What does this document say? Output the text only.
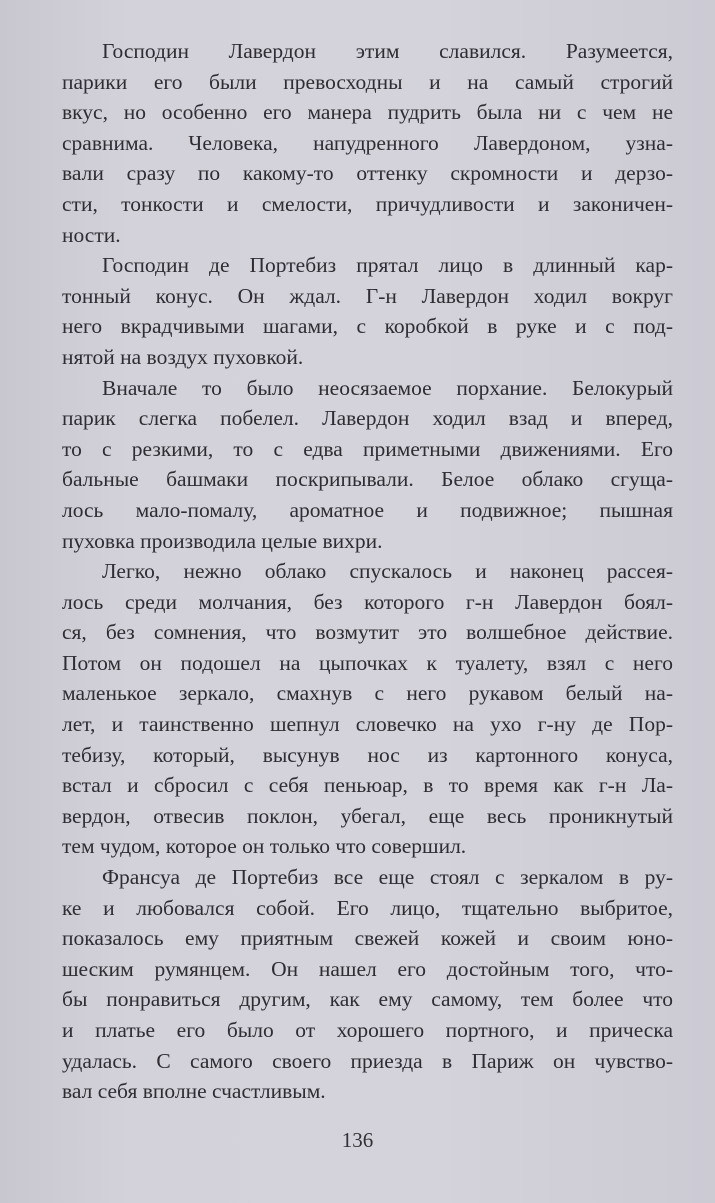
Господин Лавердон этим славился. Разумеется,
парики его были превосходны и на самый строгий
вкус, но особенно его манера пудрить была ни с чем не
сравнима. Человека, напудренного Лавердоном, узна-
вали сразу по какому-то оттенку скромности и дерзо-
сти, тонкости и смелости, причудливости и законичен-
ности.

Господин де Портебиз прятал лицо в длинный кар-
тонный конус. Он ждал. Г-н Лавердон ходил вокруг
него вкрадчивыми шагами, с коробкой в руке и с под-
нятой на воздух пуховкой.

Вначале то было неосязаемое порхание. Белокурый
парик слегка побелел. Лавердон ходил взад и вперед,
то с резкими, то с едва приметными движениями. Его
бальные башмаки поскрипывали. Белое облако сгуща-
лось мало-помалу, ароматное и подвижное; пышная
пуховка производила целые вихри.

Легко, нежно облако спускалось и наконец рассея-
лось среди молчания, без которого г-н Лавердон боял-
ся, без сомнения, что возмутит это волшебное действие.
Потом он подошел на цыпочках к туалету, взял с него
маленькое зеркало, смахнув с него рукавом белый на-
лет, и таинственно шепнул словечко на ухо г-ну де Пор-
тебизу, который, высунув нос из картонного конуса,
встал и сбросил с себя пеньюар, в то время как г-н Ла-
вердон, отвесив поклон, убегал, еще весь проникнутый
тем чудом, которое он только что совершил.

Франсуа де Портебиз все еще стоял с зеркалом в ру-
ке и любовался собой. Его лицо, тщательно выбритое,
показалось ему приятным свежей кожей и своим юно-
шеским румянцем. Он нашел его достойным того, что-
бы понравиться другим, как ему самому, тем более что
и платье его было от хорошего портного, и прическа
удалась. С самого своего приезда в Париж он чувство-
вал себя вполне счастливым.

136
